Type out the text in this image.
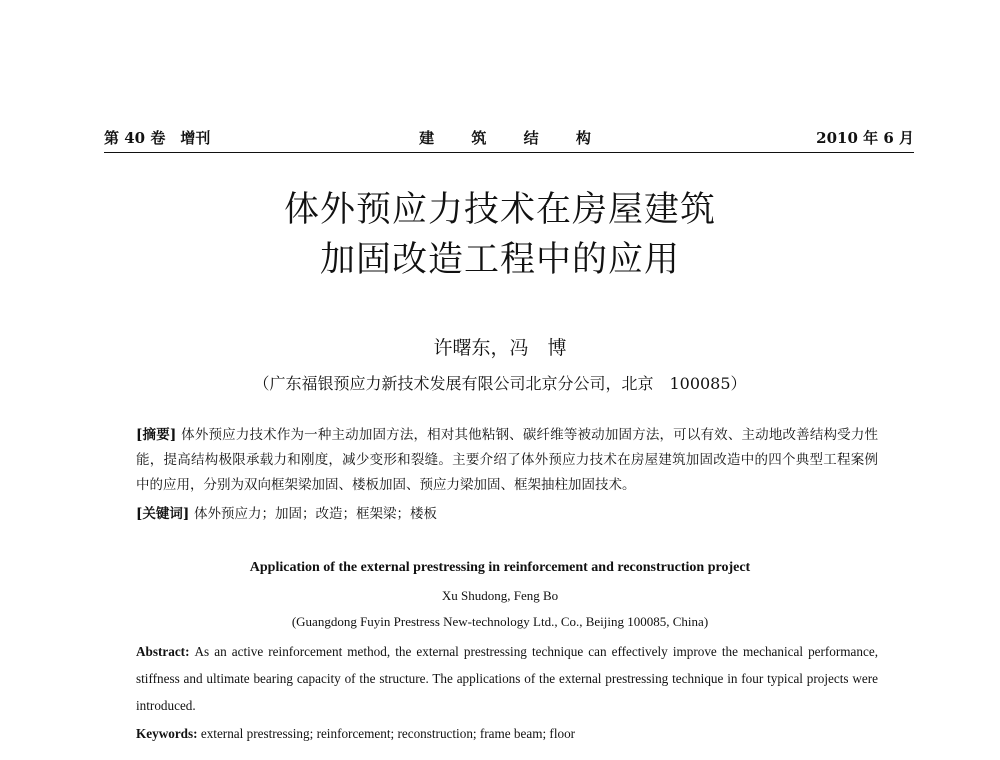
第 40 卷　增刊	建 筑 结 构	2010 年 6 月
体外预应力技术在房屋建筑
加固改造工程中的应用
许曙东，冯　博
（广东福银预应力新技术发展有限公司北京分公司，北京　100085）
[摘要] 体外预应力技术作为一种主动加固方法，相对其他粘钢、碳纤维等被动加固方法，可以有效、主动地改善结构受力性能，提高结构极限承载力和刚度，减少变形和裂缝。主要介绍了体外预应力技术在房屋建筑加固改造中的四个典型工程案例中的应用，分别为双向框架梁加固、楼板加固、预应力梁加固、框架抽柱加固技术。
[关键词] 体外预应力；加固；改造；框架梁；楼板
Application of the external prestressing in reinforcement and reconstruction project
Xu Shudong, Feng Bo
(Guangdong Fuyin Prestress New-technology Ltd., Co., Beijing 100085, China)
Abstract: As an active reinforcement method, the external prestressing technique can effectively improve the mechanical performance, stiffness and ultimate bearing capacity of the structure. The applications of the external prestressing technique in four typical projects were introduced.
Keywords: external prestressing; reinforcement; reconstruction; frame beam; floor
